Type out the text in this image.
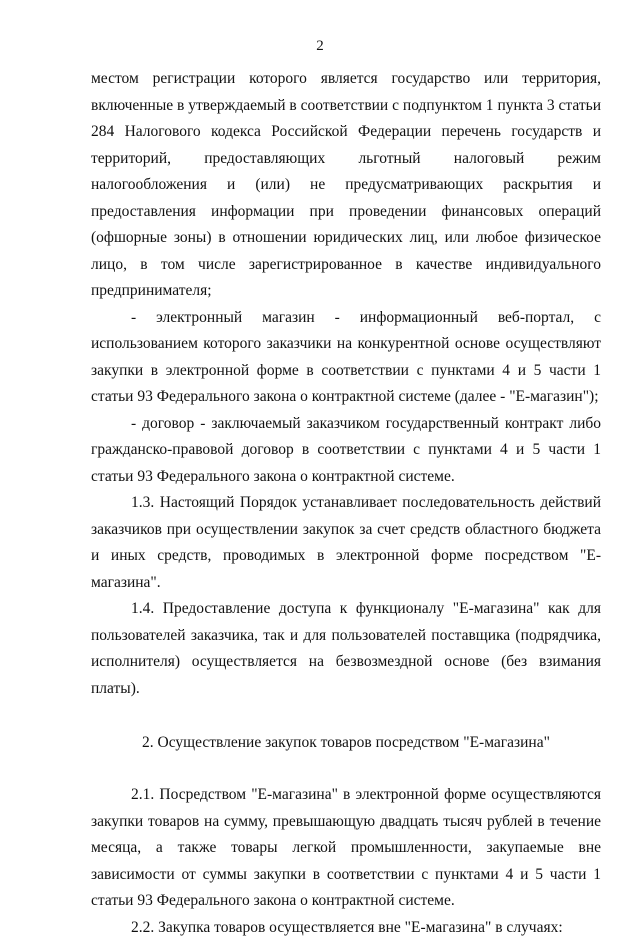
2

местом регистрации которого является государство или территория, включенные в утверждаемый в соответствии с подпунктом 1 пункта 3 статьи 284 Налогового кодекса Российской Федерации перечень государств и территорий, предоставляющих льготный налоговый режим налогообложения и (или) не предусматривающих раскрытия и предоставления информации при проведении финансовых операций (офшорные зоны) в отношении юридических лиц, или любое физическое лицо, в том числе зарегистрированное в качестве индивидуального предпринимателя;

- электронный магазин - информационный веб-портал, с использованием которого заказчики на конкурентной основе осуществляют закупки в электронной форме в соответствии с пунктами 4 и 5 части 1 статьи 93 Федерального закона о контрактной системе (далее - "Е-магазин");

- договор - заключаемый заказчиком государственный контракт либо гражданско-правовой договор в соответствии с пунктами 4 и 5 части 1 статьи 93 Федерального закона о контрактной системе.

1.3. Настоящий Порядок устанавливает последовательность действий заказчиков при осуществлении закупок за счет средств областного бюджета и иных средств, проводимых в электронной форме посредством "Е-магазина".

1.4. Предоставление доступа к функционалу "Е-магазина" как для пользователей заказчика, так и для пользователей поставщика (подрядчика, исполнителя) осуществляется на безвозмездной основе (без взимания платы).

2. Осуществление закупок товаров посредством "Е-магазина"

2.1. Посредством "Е-магазина" в электронной форме осуществляются закупки товаров на сумму, превышающую двадцать тысяч рублей в течение месяца, а также товары легкой промышленности, закупаемые вне зависимости от суммы закупки в соответствии с пунктами 4 и 5 части 1 статьи 93 Федерального закона о контрактной системе.

2.2. Закупка товаров осуществляется вне "Е-магазина" в случаях:
